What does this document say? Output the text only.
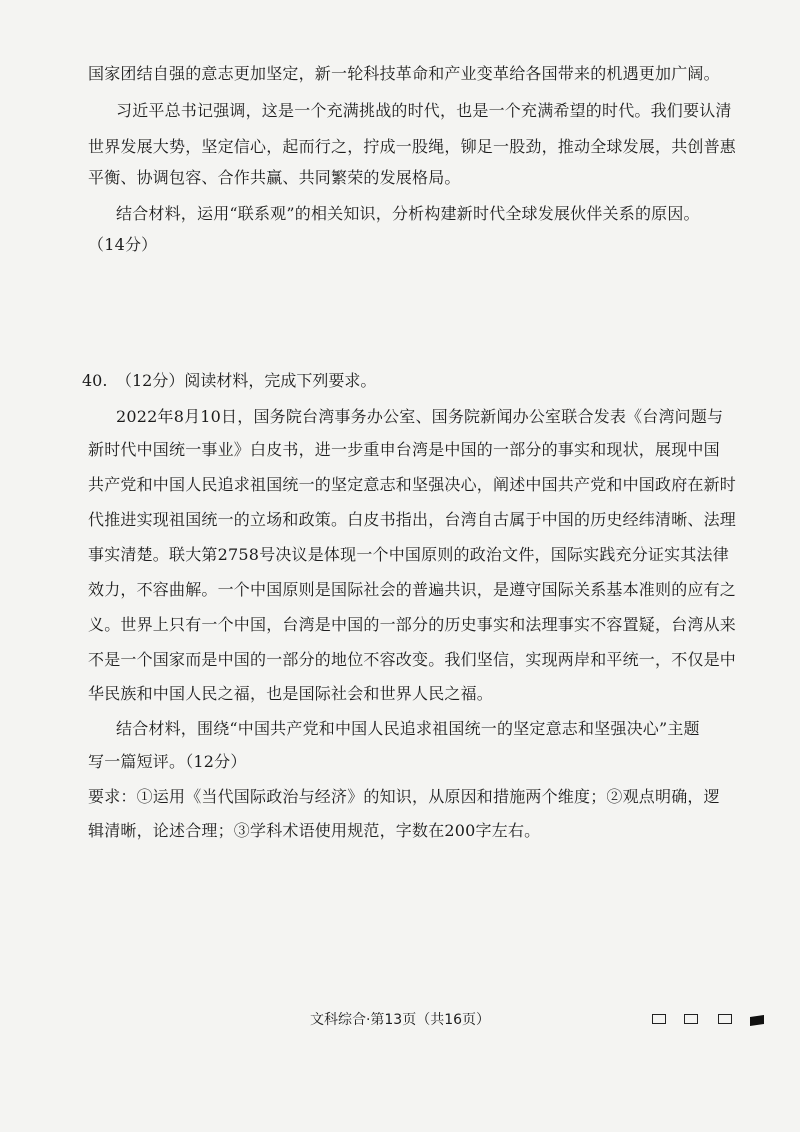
国家团结自强的意志更加坚定，新一轮科技革命和产业变革给各国带来的机遇更加广阔。
习近平总书记强调，这是一个充满挑战的时代，也是一个充满希望的时代。我们要认清
世界发展大势，坚定信心，起而行之，拧成一股绳，铆足一股劲，推动全球发展，共创普惠
平衡、协调包容、合作共赢、共同繁荣的发展格局。
结合材料，运用“联系观”的相关知识，分析构建新时代全球发展伙伴关系的原因。
（14分）
40. （12分）阅读材料，完成下列要求。
2022年8月10日，国务院台湾事务办公室、国务院新闻办公室联合发表《台湾问题与
新时代中国统一事业》白皮书，进一步重申台湾是中国的一部分的事实和现状，展现中国
共产党和中国人民追求祖国统一的坚定意志和坚强决心，阐述中国共产党和中国政府在新时
代推进实现祖国统一的立场和政策。白皮书指出，台湾自古属于中国的历史经纬清晰、法理
事实清楚。联大第2758号决议是体现一个中国原则的政治文件，国际实践充分证实其法律
效力，不容曲解。一个中国原则是国际社会的普遍共识，是遵守国际关系基本准则的应有之
义。世界上只有一个中国，台湾是中国的一部分的历史事实和法理事实不容置疑，台湾从来
不是一个国家而是中国的一部分的地位不容改变。我们坚信，实现两岸和平统一，不仅是中
华民族和中国人民之福，也是国际社会和世界人民之福。
结合材料，围绕“中国共产党和中国人民追求祖国统一的坚定意志和坚强决心”主题
写一篇短评。（12分）
要求：①运用《当代国际政治与经济》的知识，从原因和措施两个维度；②观点明确，逻
辑清晰，论述合理；③学科术语使用规范，字数在200字左右。
文科综合·第13页（共16页）
